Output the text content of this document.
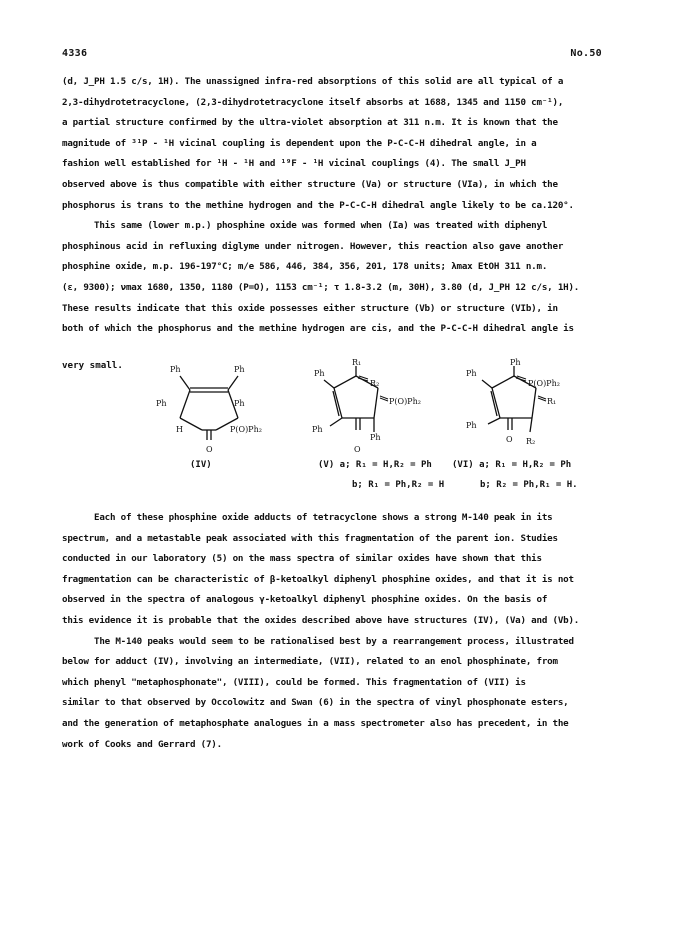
4336	No.50
(d, J_PH 1.5 c/s, 1H). The unassigned infra-red absorptions of this solid are all typical of a
2,3-dihydrotetracyclone, (2,3-dihydrotetracyclone itself absorbs at 1688, 1345 and 1150 cm⁻¹),
a partial structure confirmed by the ultra-violet absorption at 311 n.m. It is known that the
magnitude of ³¹P - ¹H vicinal coupling is dependent upon the P-C-C-H dihedral angle, in a
fashion well established for ¹H - ¹H and ¹⁹F - ¹H vicinal couplings (4). The small J_PH
observed above is thus compatible with either structure (Va) or structure (VIa), in which the
phosphorus is trans to the methine hydrogen and the P-C-C-H dihedral angle likely to be ca.120°.
This same (lower m.p.) phosphine oxide was formed when (Ia) was treated with diphenyl
phosphinous acid in refluxing diglyme under nitrogen. However, this reaction also gave another
phosphine oxide, m.p. 196-197°C; m/e 586, 446, 384, 356, 201, 178 units; λmax EtOH 311 n.m.
(ε, 9300); νmax 1680, 1350, 1180 (P=O), 1153 cm⁻¹; τ 1.8-3.2 (m, 30H), 3.80 (d, J_PH 12 c/s, 1H).
These results indicate that this oxide possesses either structure (Vb) or structure (VIb), in
both of which the phosphorus and the methine hydrogen are cis, and the P-C-C-H dihedral angle is
very small.	Ph	Ph
Ph	Ph
H	P(O)Ph₂
O
(IV)
Ph
R₁
R₂
P(O)Ph₂
Ph
Ph
O
(V) a; R₁ = H,R₂ = Ph
b; R₁ = Ph,R₂ = H
Ph
Ph
P(O)Ph₂
Ph
R₁
O R₂
(VI) a; R₁ = H,R₂ = Ph
b; R₂ = Ph,R₁ = H.
Each of these phosphine oxide adducts of tetracyclone shows a strong M-140 peak in its
spectrum, and a metastable peak associated with this fragmentation of the parent ion. Studies
conducted in our laboratory (5) on the mass spectra of similar oxides have shown that this
fragmentation can be characteristic of β-ketoalkyl diphenyl phosphine oxides, and that it is not
observed in the spectra of analogous γ-ketoalkyl diphenyl phosphine oxides. On the basis of
this evidence it is probable that the oxides described above have structures (IV), (Va) and (Vb).
The M-140 peaks would seem to be rationalised best by a rearrangement process, illustrated
below for adduct (IV), involving an intermediate, (VII), related to an enol phosphinate, from
which phenyl "metaphosphonate", (VIII), could be formed. This fragmentation of (VII) is
similar to that observed by Occolowitz and Swan (6) in the spectra of vinyl phosphonate esters,
and the generation of metaphosphate analogues in a mass spectrometer also has precedent, in the
work of Cooks and Gerrard (7).
